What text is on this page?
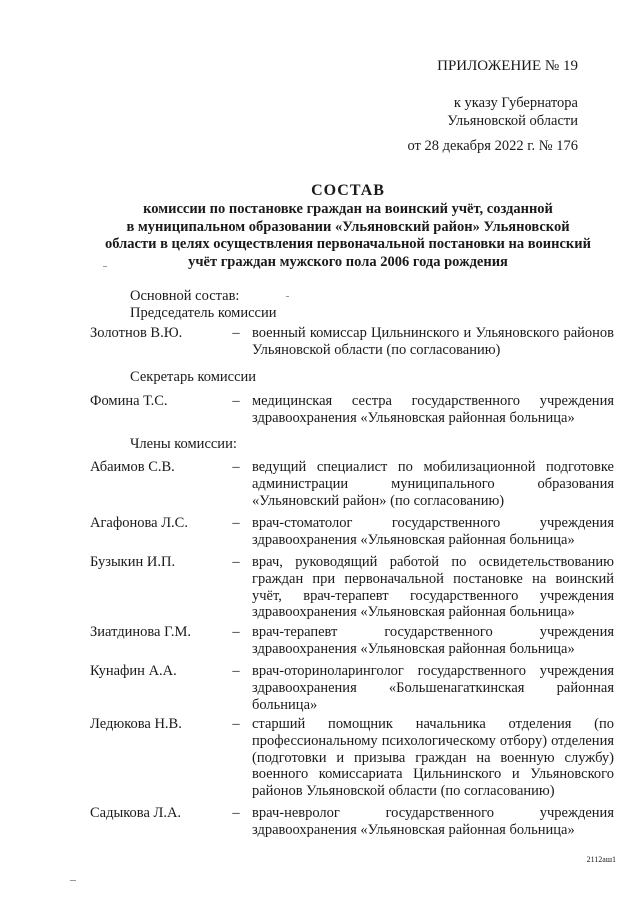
ПРИЛОЖЕНИЕ № 19
к указу Губернатора
Ульяновской области
от 28 декабря 2022 г. № 176
СОСТАВ
комиссии по постановке граждан на воинский учёт, созданной
в муниципальном образовании «Ульяновский район» Ульяновской
области в целях осуществления первоначальной постановки на воинский
учёт граждан мужского пола 2006 года рождения
Основной состав:
Председатель комиссии
Золотнов В.Ю.	– военный комиссар Цильнинского и Ульяновского районов Ульяновской области (по согласованию)
Секретарь комиссии
Фомина Т.С.	– медицинская сестра государственного учреждения здравоохранения «Ульяновская районная больница»
Члены комиссии:
Абаимов С.В.	– ведущий специалист по мобилизационной подготовке администрации муниципального образования «Ульяновский район» (по согласованию)
Агафонова Л.С.	– врач-стоматолог государственного учреждения здравоохранения «Ульяновская районная больница»
Бузыкин И.П.	– врач, руководящий работой по освидетельствованию граждан при первоначальной постановке на воинский учёт, врач-терапевт государственного учреждения здравоохранения «Ульяновская районная больница»
Зиатдинова Г.М.	– врач-терапевт государственного учреждения здравоохранения «Ульяновская районная больница»
Кунафин А.А.	– врач-оториноларинголог государственного учреждения здравоохранения «Большенагаткинская районная больница»
Ледюкова Н.В.	– старший помощник начальника отделения (по профессиональному психологическому отбору) отделения (подготовки и призыва граждан на военную службу) военного комиссариата Цильнинского и Ульяновского районов Ульяновской области (по согласованию)
Садыкова Л.А.	– врач-невролог государственного учреждения здравоохранения «Ульяновская районная больница»
2112aш1
